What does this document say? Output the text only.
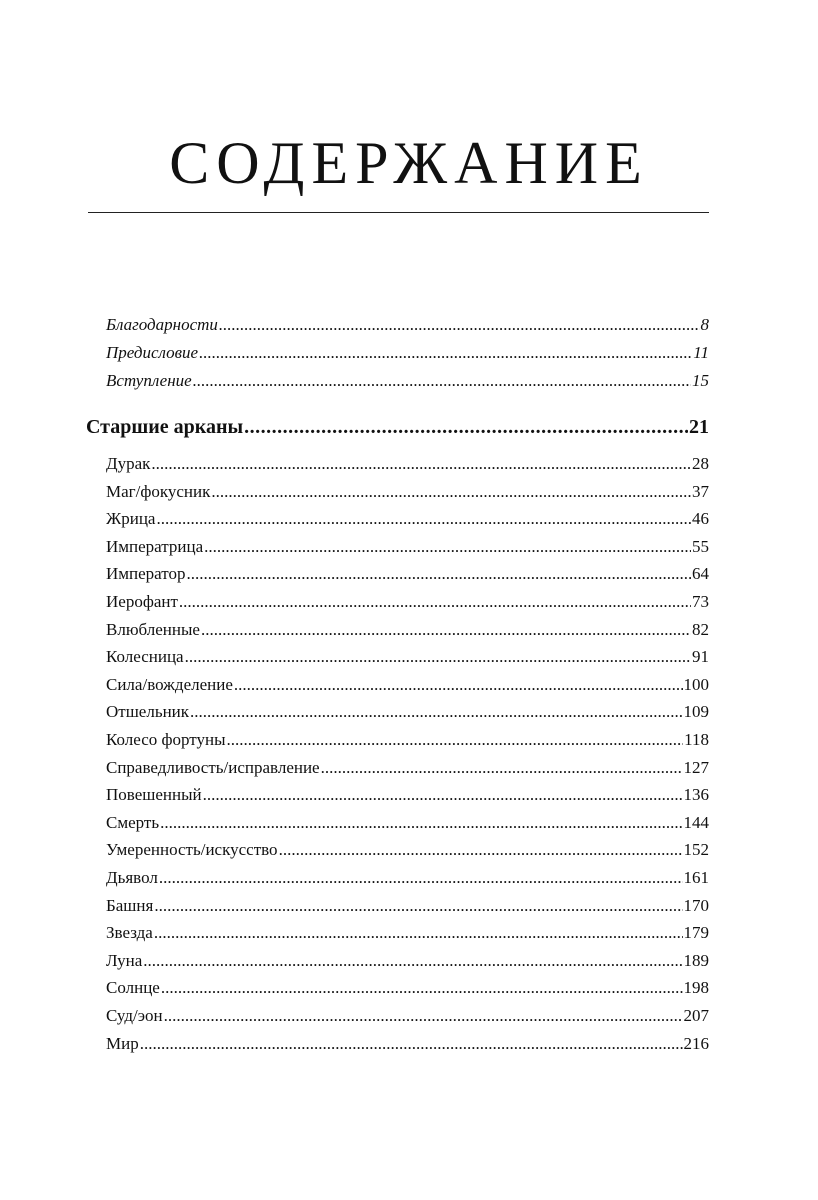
СОДЕРЖАНИЕ
Благодарности .....	8
Предисловие .....	11
Вступление .....	15
Старшие арканы .....	21
Дурак .....	28
Маг/фокусник .....	37
Жрица .....	46
Императрица .....	55
Император .....	64
Иерофант .....	73
Влюбленные .....	82
Колесница .....	91
Сила/вожделение .....	100
Отшельник .....	109
Колесо фортуны .....	118
Справедливость/исправление .....	127
Повешенный .....	136
Смерть .....	144
Умеренность/искусство .....	152
Дьявол .....	161
Башня .....	170
Звезда .....	179
Луна .....	189
Солнце .....	198
Суд/эон .....	207
Мир .....	216
